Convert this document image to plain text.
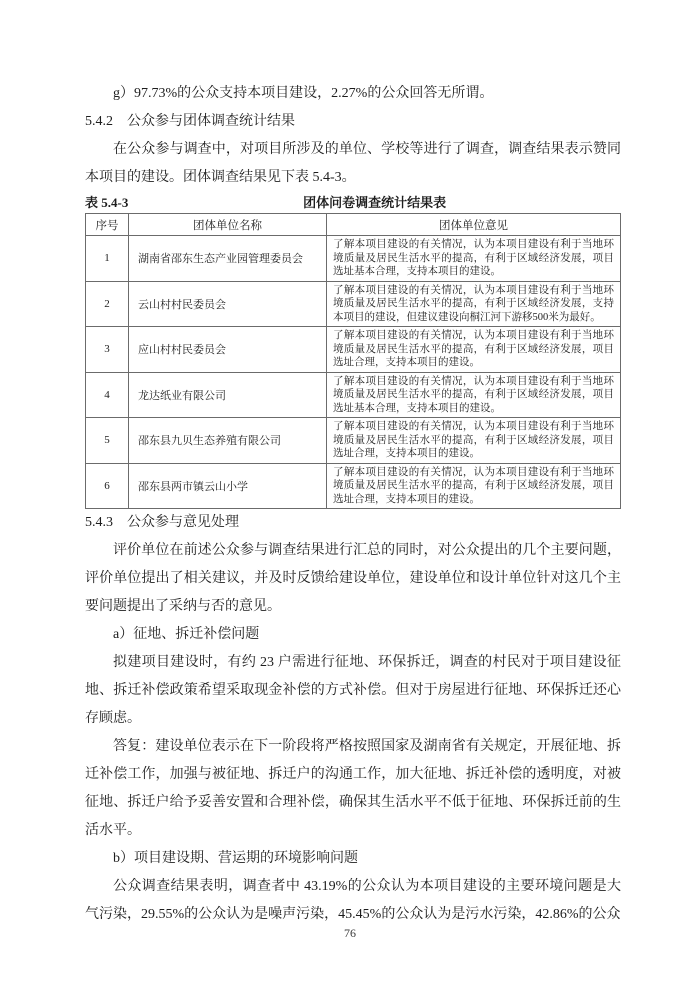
g）97.73%的公众支持本项目建设，2.27%的公众回答无所谓。

5.4.2　公众参与团体调查统计结果

在公众参与调查中，对项目所涉及的单位、学校等进行了调查，调查结果表示赞同本项目的建设。团体调查结果见下表 5.4-3。

表 5.4-3	团体问卷调查统计结果表
序号	团体单位名称	团体单位意见
1	湖南省邵东生态产业园管理委员会	了解本项目建设的有关情况，认为本项目建设有利于当地环境质量及居民生活水平的提高，有利于区域经济发展，项目选址基本合理，支持本项目的建设。
2	云山村村民委员会	了解本项目建设的有关情况，认为本项目建设有利于当地环境质量及居民生活水平的提高，有利于区域经济发展，支持本项目的建设，但建议建设向桐江河下游移500米为最好。
3	应山村村民委员会	了解本项目建设的有关情况，认为本项目建设有利于当地环境质量及居民生活水平的提高，有利于区域经济发展，项目选址合理，支持本项目的建设。
4	龙达纸业有限公司	了解本项目建设的有关情况，认为本项目建设有利于当地环境质量及居民生活水平的提高，有利于区域经济发展，项目选址基本合理，支持本项目的建设。
5	邵东县九贝生态养殖有限公司	了解本项目建设的有关情况，认为本项目建设有利于当地环境质量及居民生活水平的提高，有利于区域经济发展，项目选址合理，支持本项目的建设。
6	邵东县两市镇云山小学	了解本项目建设的有关情况，认为本项目建设有利于当地环境质量及居民生活水平的提高，有利于区域经济发展，项目选址合理，支持本项目的建设。

5.4.3　公众参与意见处理

评价单位在前述公众参与调查结果进行汇总的同时，对公众提出的几个主要问题，评价单位提出了相关建议，并及时反馈给建设单位，建设单位和设计单位针对这几个主要问题提出了采纳与否的意见。

a）征地、拆迁补偿问题

拟建项目建设时，有约 23 户需进行征地、环保拆迁，调查的村民对于项目建设征地、拆迁补偿政策希望采取现金补偿的方式补偿。但对于房屋进行征地、环保拆迁还心存顾虑。

答复：建设单位表示在下一阶段将严格按照国家及湖南省有关规定，开展征地、拆迁补偿工作，加强与被征地、拆迁户的沟通工作，加大征地、拆迁补偿的透明度，对被征地、拆迁户给予妥善安置和合理补偿，确保其生活水平不低于征地、环保拆迁前的生活水平。

b）项目建设期、营运期的环境影响问题

公众调查结果表明，调查者中 43.19%的公众认为本项目建设的主要环境问题是大气污染，29.55%的公众认为是噪声污染，45.45%的公众认为是污水污染，42.86%的公众

76
